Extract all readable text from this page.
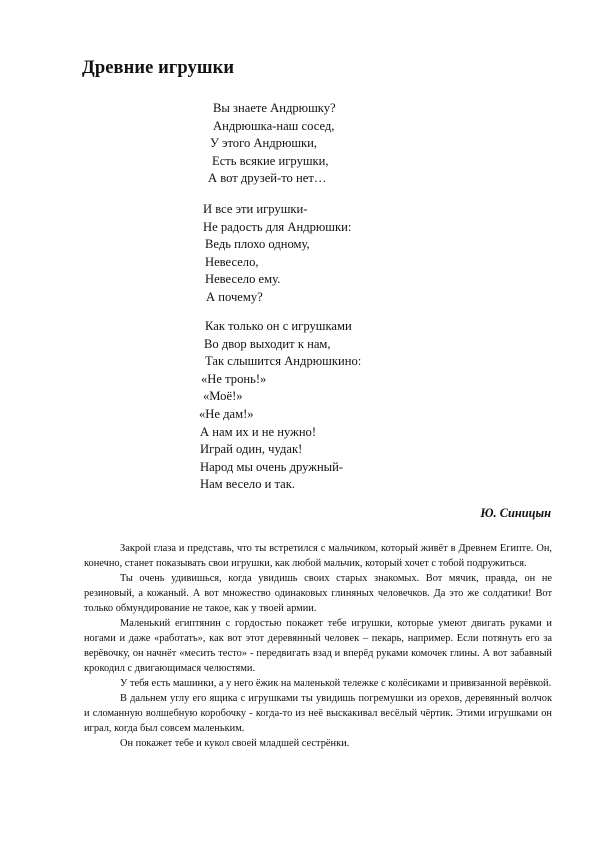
Древние игрушки
Вы знаете Андрюшку?
Андрюшка-наш сосед,
У этого Андрюшки,
Есть всякие игрушки,
А вот друзей-то нет…
И все эти игрушки-
Не радость для Андрюшки:
Ведь плохо одному,
Невесело,
Невесело ему.
А почему?
Как только он с игрушками
Во двор выходит к нам,
Так слышится Андрюшкино:
«Не тронь!»
«Моё!»
«Не дам!»
А нам их и не нужно!
Играй один, чудак!
Народ мы очень дружный-
Нам весело и так.
Ю. Синицын

Закрой глаза и представь, что ты встретился с мальчиком, который живёт в Древнем Египте. Он, конечно, станет показывать свои игрушки, как любой мальчик, который хочет с тобой подружиться.

Ты очень удивишься, когда увидишь своих старых знакомых. Вот мячик, правда, он не резиновый, а кожаный. А вот множество одинаковых глиняных человечков. Да это же солдатики! Вот только обмундирование не такое, как у твоей армии.

Маленький египтянин с гордостью покажет тебе игрушки, которые умеют двигать руками и ногами и даже «работать», как вот этот деревянный человек – пекарь, например. Если потянуть его за верёвочку, он начнёт «месить тесто» - передвигать взад и вперёд руками комочек глины. А вот забавный крокодил с двигающимася челюстями.

У тебя есть машинки, а у него ёжик на маленькой тележке с колёсиками и привязанной верёвкой.

В дальнем углу его ящика с игрушками ты увидишь погремушки из орехов, деревянный волчок и сломанную волшебную коробочку - когда-то из неё выскакивал весёлый чёртик. Этими игрушками он играл, когда был совсем маленьким.

Он покажет тебе и кукол своей младшей сестрёнки.
